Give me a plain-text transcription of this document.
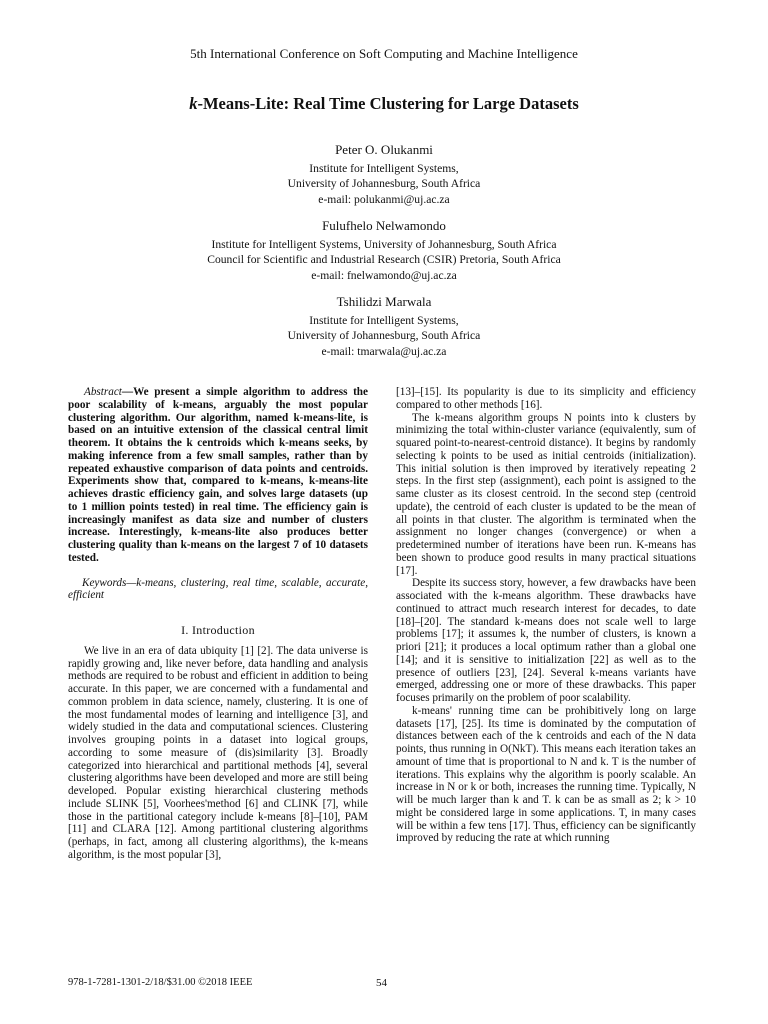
5th International Conference on Soft Computing and Machine Intelligence
k-Means-Lite: Real Time Clustering for Large Datasets
Peter O. Olukanmi
Institute for Intelligent Systems,
University of Johannesburg, South Africa
e-mail: polukanmi@uj.ac.za
Fulufhelo Nelwamondo
Institute for Intelligent Systems, University of Johannesburg, South Africa
Council for Scientific and Industrial Research (CSIR) Pretoria, South Africa
e-mail: fnelwamondo@uj.ac.za
Tshilidzi Marwala
Institute for Intelligent Systems,
University of Johannesburg, South Africa
e-mail: tmarwala@uj.ac.za

Abstract—We present a simple algorithm to address the poor scalability of k-means, arguably the most popular clustering algorithm. Our algorithm, named k-means-lite, is based on an intuitive extension of the classical central limit theorem. It obtains the k centroids which k-means seeks, by making inference from a few small samples, rather than by repeated exhaustive comparison of data points and centroids. Experiments show that, compared to k-means, k-means-lite achieves drastic efficiency gain, and solves large datasets (up to 1 million points tested) in real time. The efficiency gain is increasingly manifest as data size and number of clusters increase. Interestingly, k-means-lite also produces better clustering quality than k-means on the largest 7 of 10 datasets tested.

Keywords—k-means, clustering, real time, scalable, accurate, efficient

I. Introduction

We live in an era of data ubiquity [1] [2]. The data universe is rapidly growing and, like never before, data handling and analysis methods are required to be robust and efficient in addition to being accurate. In this paper, we are concerned with a fundamental and common problem in data science, namely, clustering. It is one of the most fundamental modes of learning and intelligence [3], and widely studied in the data and computational sciences. Clustering involves grouping points in a dataset into logical groups, according to some measure of (dis)similarity [3]. Broadly categorized into hierarchical and partitional methods [4], several clustering algorithms have been developed and more are still being developed. Popular existing hierarchical clustering methods include SLINK [5], Voorhees'method [6] and CLINK [7], while those in the partitional category include k-means [8]–[10], PAM [11] and CLARA [12]. Among partitional clustering algorithms (perhaps, in fact, among all clustering algorithms), the k-means algorithm, is the most popular [3],

[13]–[15]. Its popularity is due to its simplicity and efficiency compared to other methods [16].

The k-means algorithm groups N points into k clusters by minimizing the total within-cluster variance (equivalently, sum of squared point-to-nearest-centroid distance). It begins by randomly selecting k points to be used as initial centroids (initialization). This initial solution is then improved by iteratively repeating 2 steps. In the first step (assignment), each point is assigned to the same cluster as its closest centroid. In the second step (centroid update), the centroid of each cluster is updated to be the mean of all points in that cluster. The algorithm is terminated when the assignment no longer changes (convergence) or when a predetermined number of iterations have been run. K-means has been shown to produce good results in many practical situations [17].

Despite its success story, however, a few drawbacks have been associated with the k-means algorithm. These drawbacks have continued to attract much research interest for decades, to date [18]–[20]. The standard k-means does not scale well to large problems [17]; it assumes k, the number of clusters, is known a priori [21]; it produces a local optimum rather than a global one [14]; and it is sensitive to initialization [22] as well as to the presence of outliers [23], [24]. Several k-means variants have emerged, addressing one or more of these drawbacks. This paper focuses primarily on the problem of poor scalability.

k-means' running time can be prohibitively long on large datasets [17], [25]. Its time is dominated by the computation of distances between each of the k centroids and each of the N data points, thus running in O(NkT). This means each iteration takes an amount of time that is proportional to N and k. T is the number of iterations. This explains why the algorithm is poorly scalable. An increase in N or k or both, increases the running time. Typically, N will be much larger than k and T. k can be as small as 2; k > 10 might be considered large in some applications. T, in many cases will be within a few tens [17]. Thus, efficiency can be significantly improved by reducing the rate at which running

978-1-7281-1301-2/18/$31.00 ©2018 IEEE	54
